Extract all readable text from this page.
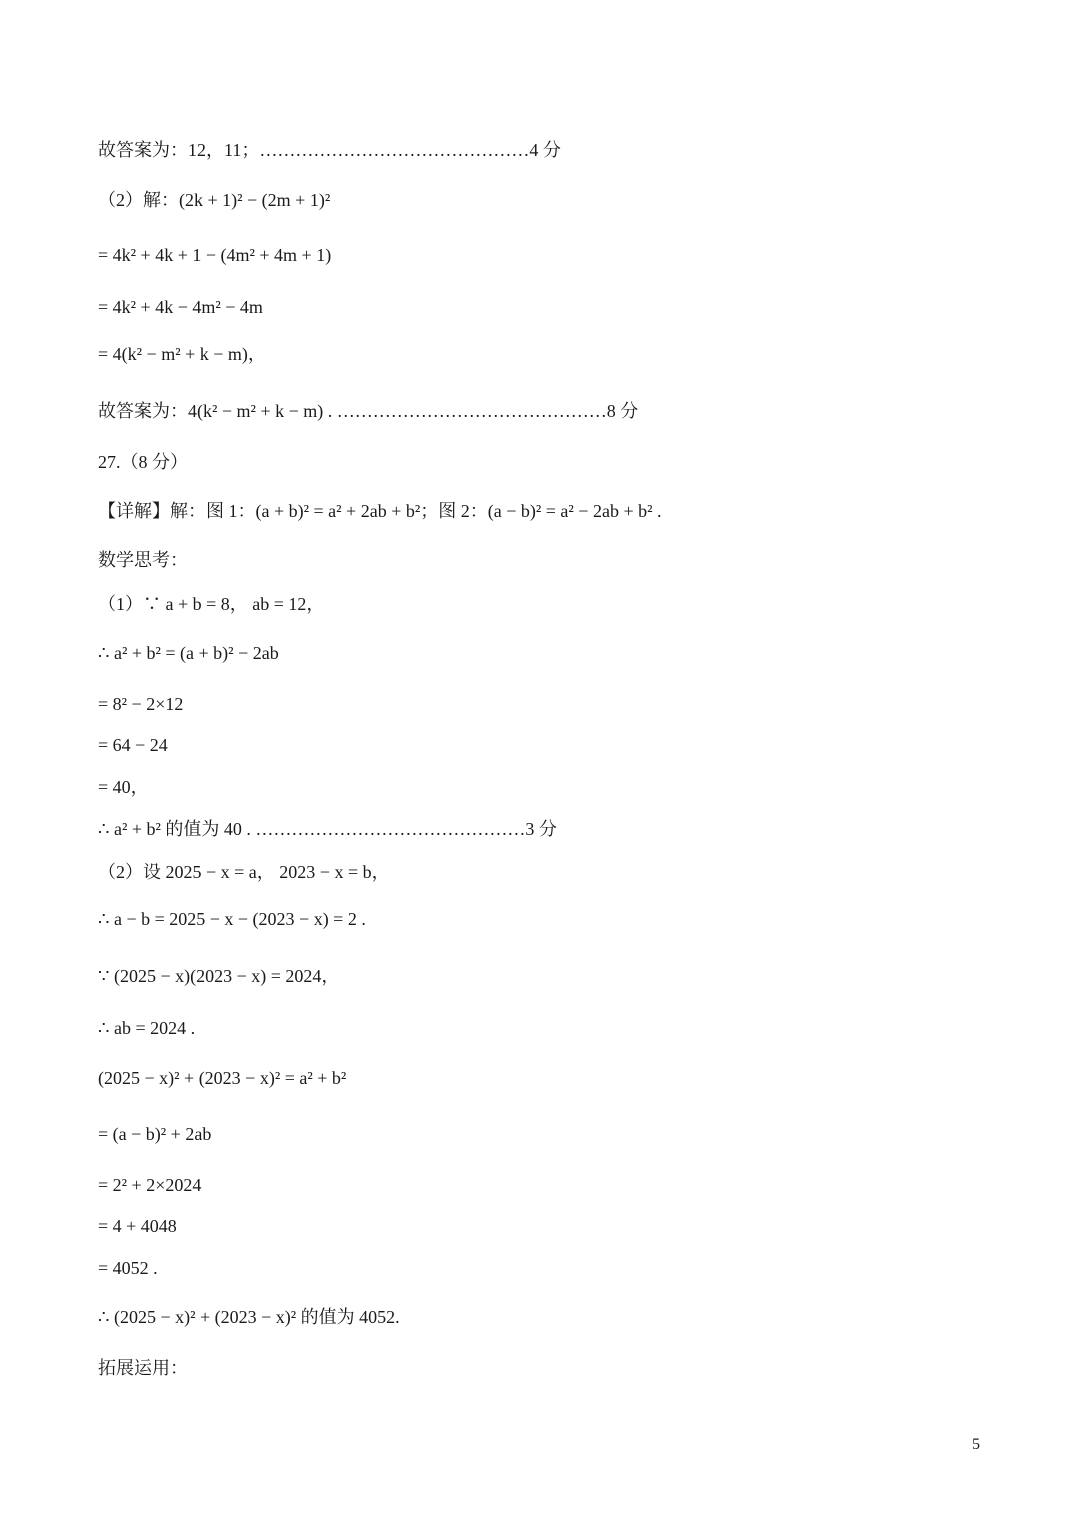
故答案为：12，11；………………………………………4 分
（2）解：(2k + 1)² − (2m + 1)²
= 4k² + 4k + 1 − (4m² + 4m + 1)
= 4k² + 4k − 4m² − 4m
= 4(k² − m² + k − m)，
故答案为：4(k² − m² + k − m) . ………………………………………8 分
27.（8 分）
【详解】解：图 1：(a + b)² = a² + 2ab + b²；图 2：(a − b)² = a² − 2ab + b² .
数学思考：
（1）∵ a + b = 8， ab = 12，
∴ a² + b² = (a + b)² − 2ab
= 8² − 2×12
= 64 − 24
= 40，
∴ a² + b² 的值为 40 . ………………………………………3 分
（2）设 2025 − x = a， 2023 − x = b，
∴ a − b = 2025 − x − (2023 − x) = 2 .
∵ (2025 − x)(2023 − x) = 2024，
∴ ab = 2024 .
(2025 − x)² + (2023 − x)² = a² + b²
= (a − b)² + 2ab
= 2² + 2×2024
= 4 + 4048
= 4052 .
∴ (2025 − x)² + (2023 − x)² 的值为 4052.
拓展运用：
5
